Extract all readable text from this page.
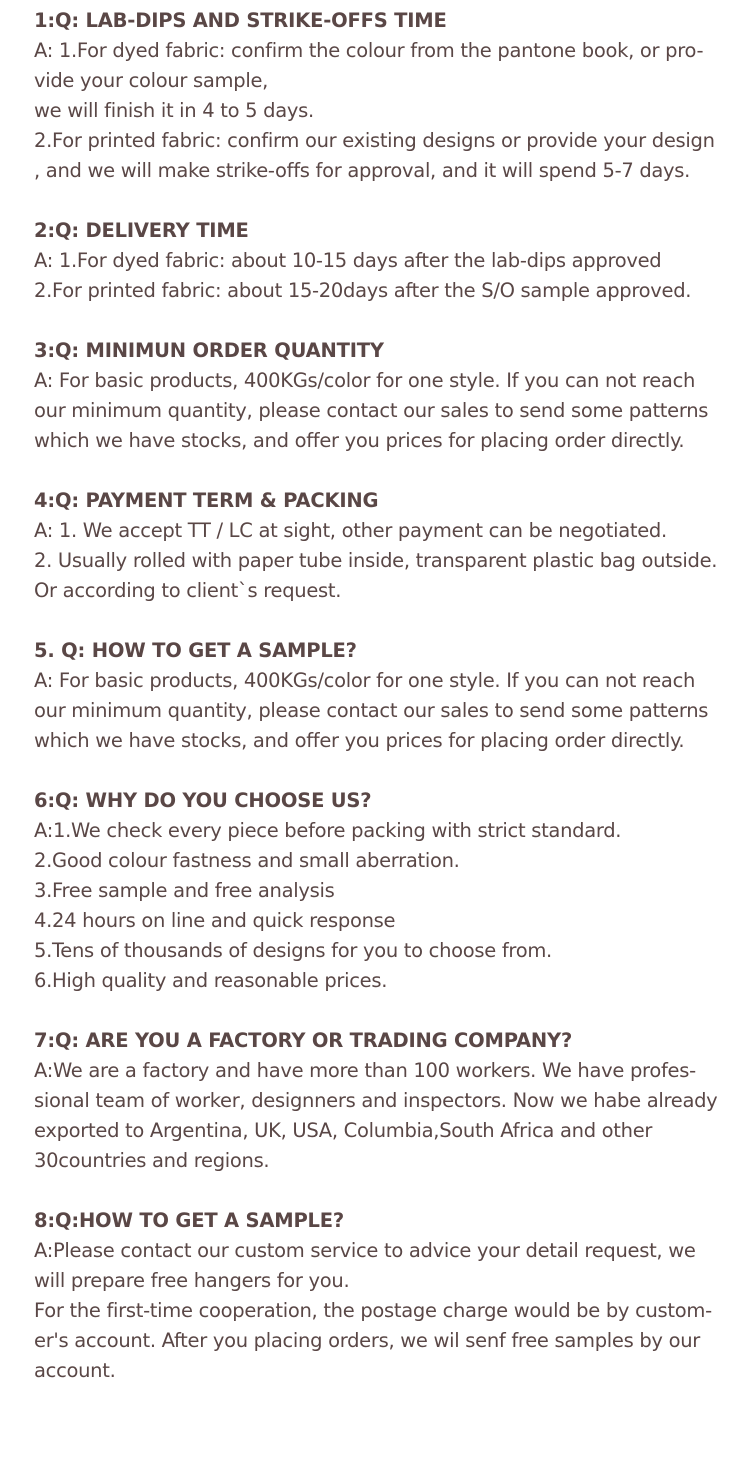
1:Q: LAB-DIPS AND STRIKE-OFFS TIME
A: 1.For dyed fabric: confirm the colour from the pantone book, or pro-
vide your colour sample,
we will finish it in 4 to 5 days.
2.For printed fabric: confirm our existing designs or provide your design
, and we will make strike-offs for approval, and it will spend 5-7 days.
2:Q: DELIVERY TIME
A: 1.For dyed fabric: about 10-15 days after the lab-dips approved
2.For printed fabric: about 15-20days after the S/O sample approved.
3:Q: MINIMUN ORDER QUANTITY
A: For basic products, 400KGs/color for one style. If you can not reach
our minimum quantity, please contact our sales to send some patterns
which we have stocks, and offer you prices for placing order directly.
4:Q: PAYMENT TERM & PACKING
A: 1. We accept TT / LC at sight, other payment can be negotiated.
2. Usually rolled with paper tube inside, transparent plastic bag outside.
Or according to client`s request.
5. Q: HOW TO GET A SAMPLE?
A: For basic products, 400KGs/color for one style. If you can not reach
our minimum quantity, please contact our sales to send some patterns
which we have stocks, and offer you prices for placing order directly.
6:Q: WHY DO YOU CHOOSE US?
A:1.We check every piece before packing with strict standard.
2.Good colour fastness and small aberration.
3.Free sample and free analysis
4.24 hours on line and quick response
5.Tens of thousands of designs for you to choose from.
6.High quality and reasonable prices.
7:Q: ARE YOU A FACTORY OR TRADING COMPANY?
A:We are a factory and have more than 100 workers. We have profes-
sional team of worker, designners and inspectors. Now we habe already
exported to Argentina, UK, USA, Columbia,South Africa and other
30countries and regions.
8:Q:HOW TO GET A SAMPLE?
A:Please contact our custom service to advice your detail request, we
will prepare free hangers for you.
For the first-time cooperation, the postage charge would be by custom-
er's account. After you placing orders, we wil senf free samples by our
account.
